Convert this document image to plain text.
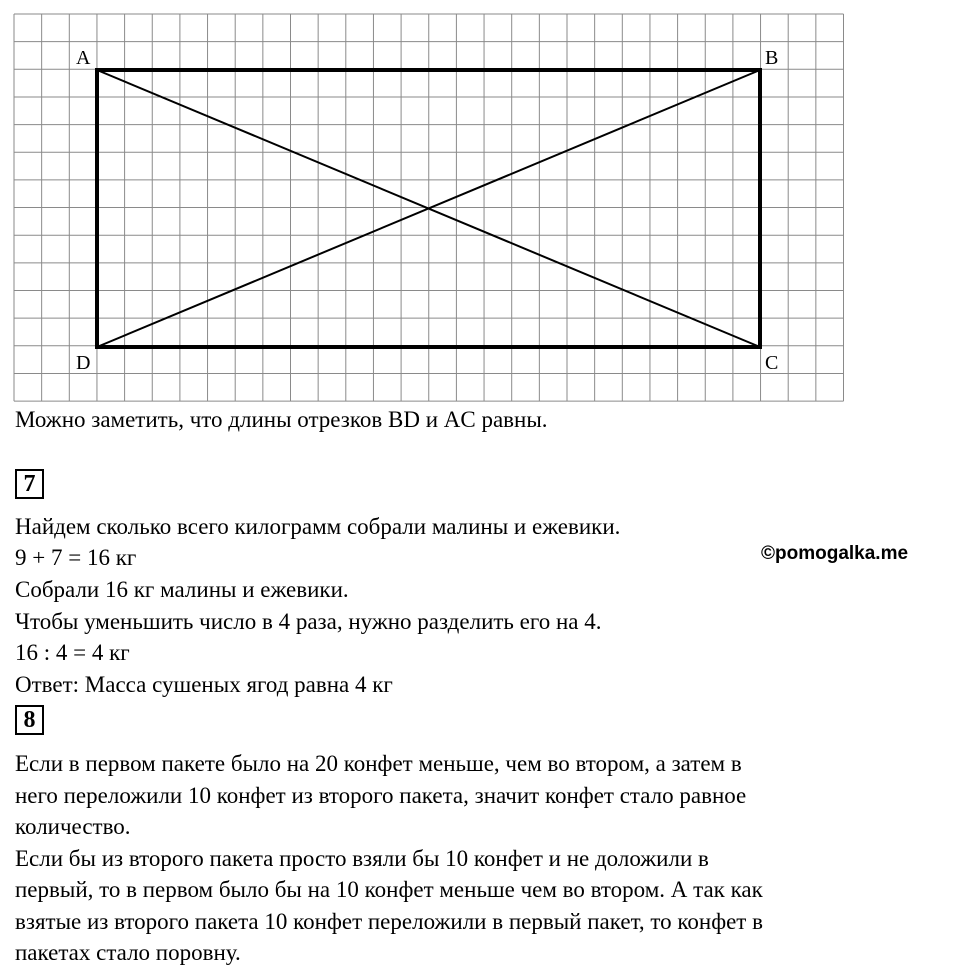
A	B
C
D
Можно заметить, что длины отрезков BD и AC равны.
7
Найдем сколько всего килограмм собрали малины и ежевики.
9 + 7 = 16 кг
Собрали 16 кг малины и ежевики.
Чтобы уменьшить число в 4 раза, нужно разделить его на 4.
16 : 4 = 4 кг
Ответ: Масса сушеных ягод равна 4 кг
©pomogalka.me
8
Если в первом пакете было на 20 конфет меньше, чем во втором, а затем в
него переложили 10 конфет из второго пакета, значит конфет стало равное
количество.
Если бы из второго пакета просто взяли бы 10 конфет и не доложили в
первый, то в первом было бы на 10 конфет меньше чем во втором. А так как
взятые из второго пакета 10 конфет переложили в первый пакет, то конфет в
пакетах стало поровну.
